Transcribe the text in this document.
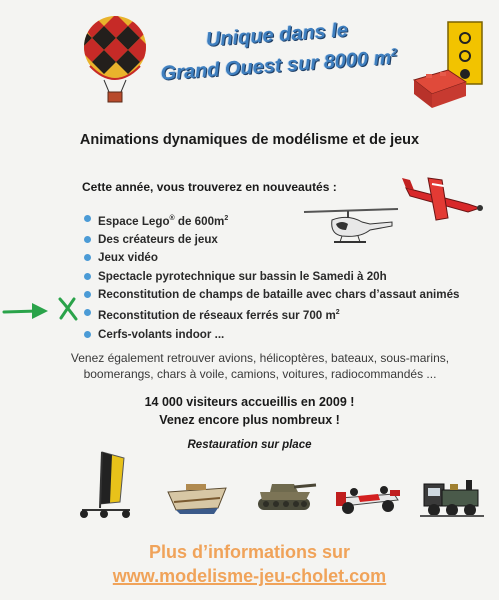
Unique dans le
Grand Ouest sur 8000 $m^2$
Animations dynamiques de modélisme et de jeux
Cette année, vous trouverez en nouveautés :
Espace Lego® de $600m^2$
Des créateurs de jeux
Jeux vidéo
Spectacle pyrotechnique sur bassin le Samedi à 20h
Reconstitution de champs de bataille avec chars d’assaut animés
Reconstitution de réseaux ferrés sur 700 $m^2$
Cerfs-volants indoor ...
Venez également retrouver avions, hélicoptères, bateaux, sous-marins,
boomerangs, chars à voile, camions, voitures, radiocommandés ...
14 000 visiteurs accueillis en 2009 !
Venez encore plus nombreux !
Restauration sur place
Plus d’informations sur
www.modelisme-jeu-cholet.com
